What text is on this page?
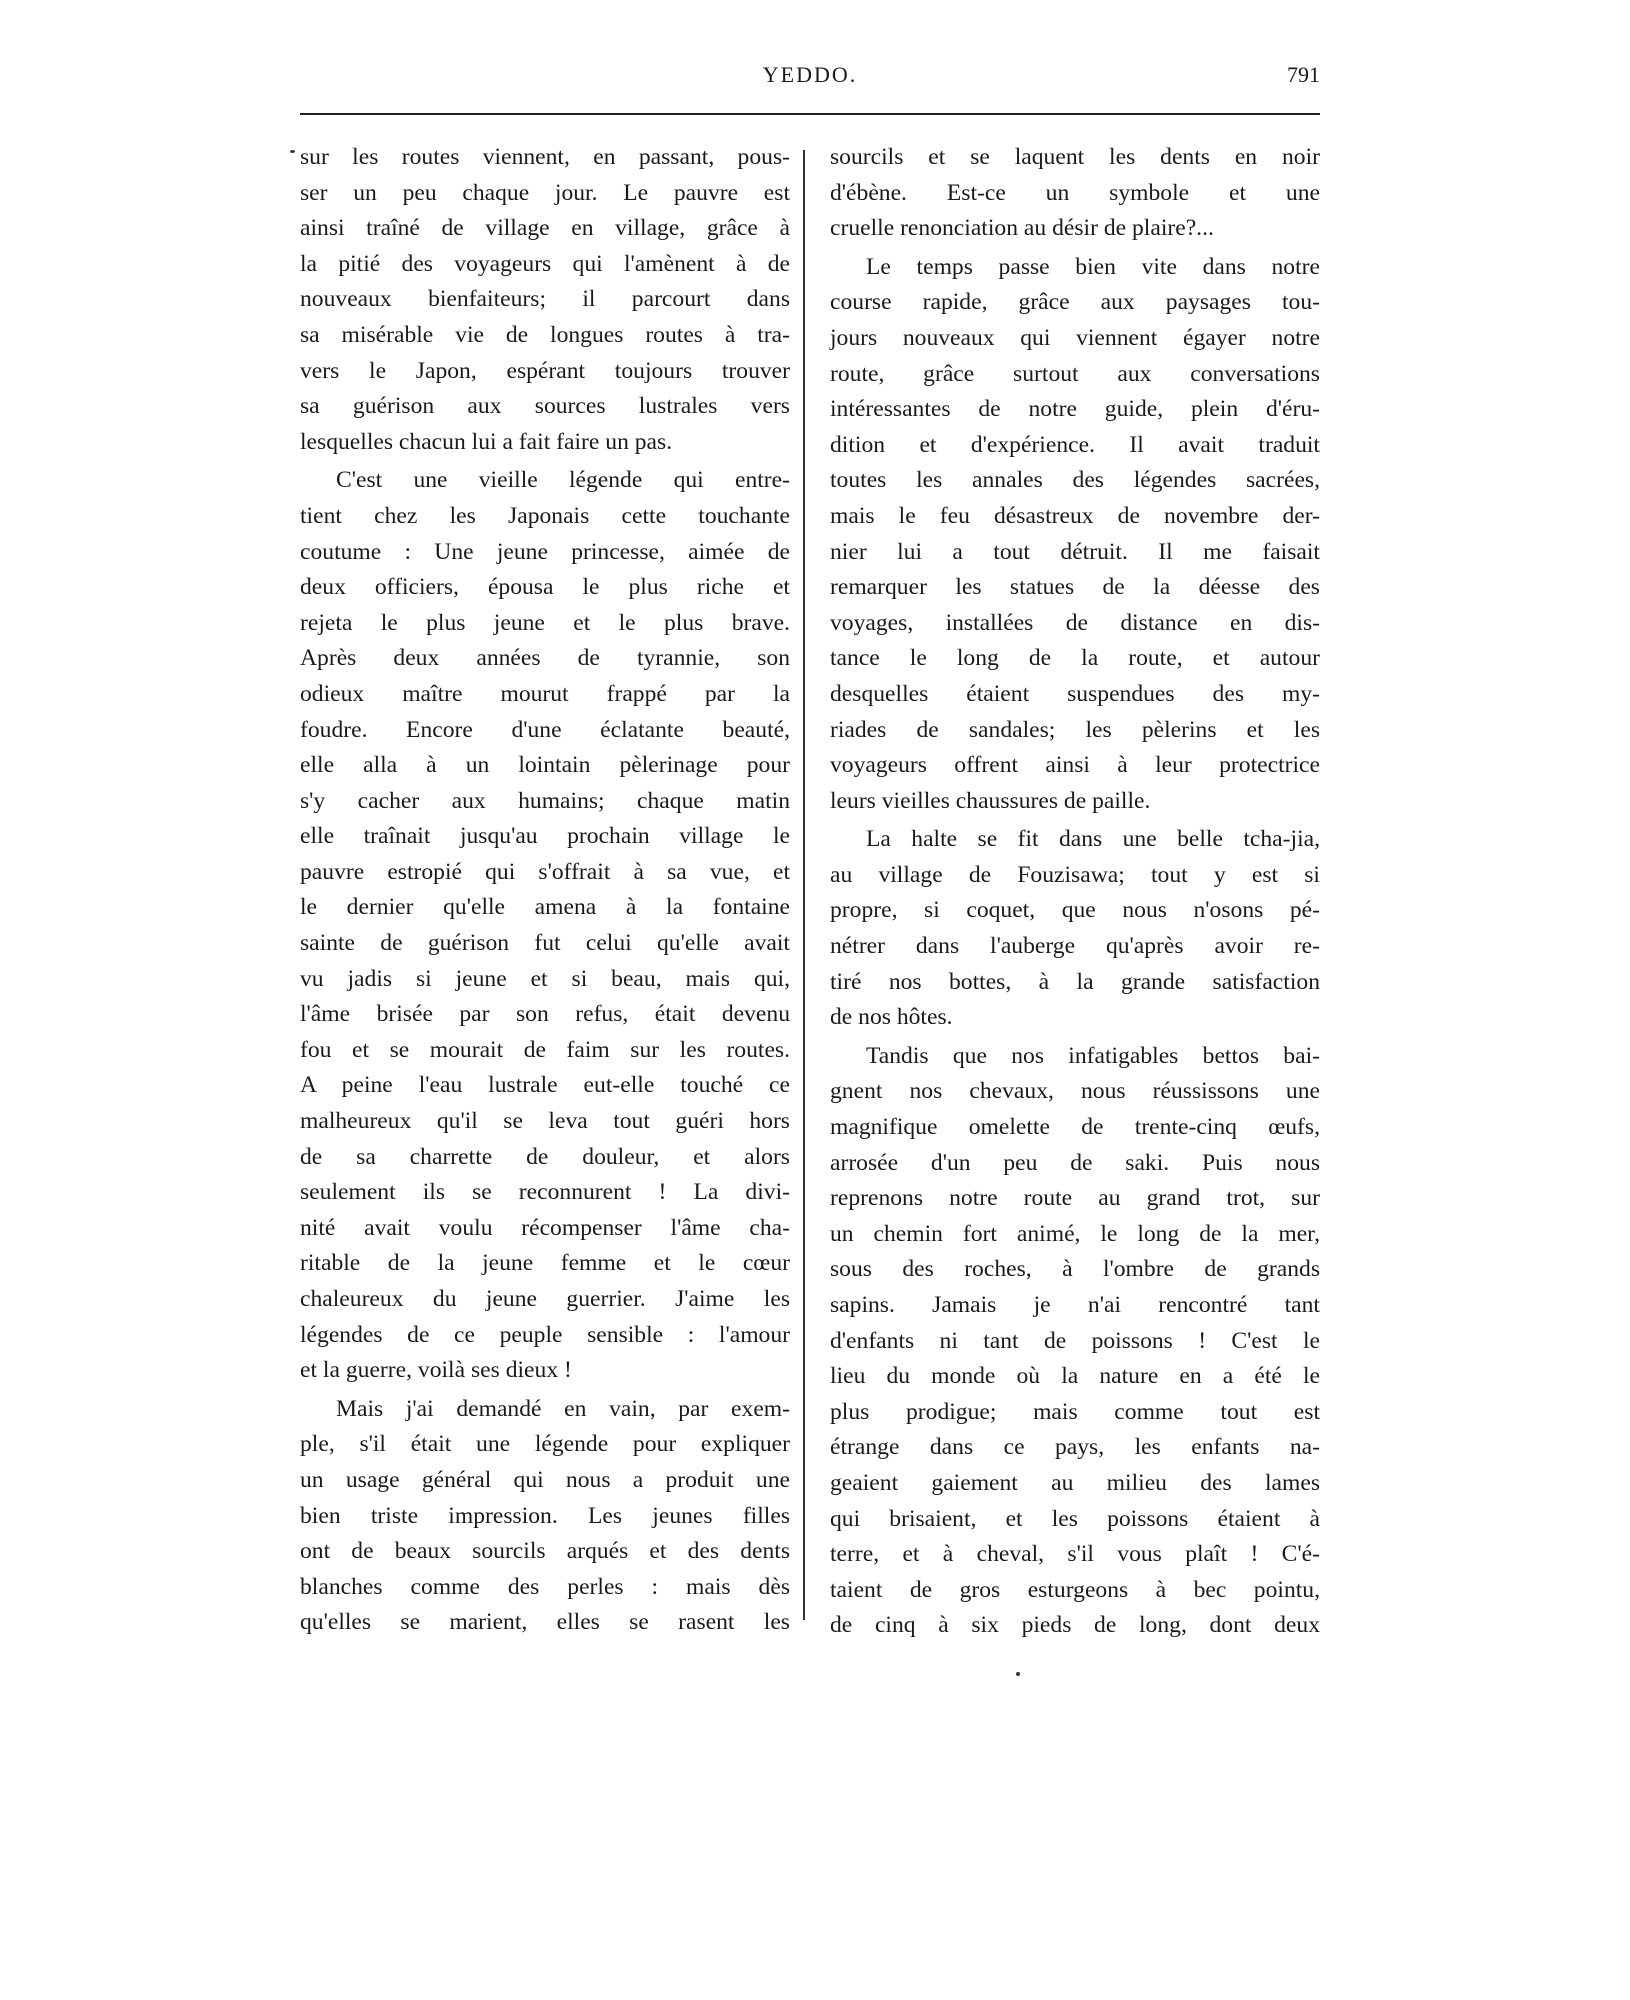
YEDDO.	791
sur les routes viennent, en passant, pous-
ser un peu chaque jour. Le pauvre est
ainsi traîné de village en village, grâce à
la pitié des voyageurs qui l'amènent à de
nouveaux bienfaiteurs; il parcourt dans
sa misérable vie de longues routes à tra-
vers le Japon, espérant toujours trouver
sa guérison aux sources lustrales vers
lesquelles chacun lui a fait faire un pas.
C'est une vieille légende qui entre-
tient chez les Japonais cette touchante
coutume : Une jeune princesse, aimée de
deux officiers, épousa le plus riche et
rejeta le plus jeune et le plus brave.
Après deux années de tyrannie, son
odieux maître mourut frappé par la
foudre. Encore d'une éclatante beauté,
elle alla à un lointain pèlerinage pour
s'y cacher aux humains; chaque matin
elle traînait jusqu'au prochain village le
pauvre estropié qui s'offrait à sa vue, et
le dernier qu'elle amena à la fontaine
sainte de guérison fut celui qu'elle avait
vu jadis si jeune et si beau, mais qui,
l'âme brisée par son refus, était devenu
fou et se mourait de faim sur les routes.
A peine l'eau lustrale eut-elle touché ce
malheureux qu'il se leva tout guéri hors
de sa charrette de douleur, et alors
seulement ils se reconnurent ! La divi-
nité avait voulu récompenser l'âme cha-
ritable de la jeune femme et le cœur
chaleureux du jeune guerrier. J'aime les
légendes de ce peuple sensible : l'amour
et la guerre, voilà ses dieux !
Mais j'ai demandé en vain, par exem-
ple, s'il était une légende pour expliquer
un usage général qui nous a produit une
bien triste impression. Les jeunes filles
ont de beaux sourcils arqués et des dents
blanches comme des perles : mais dès
qu'elles se marient, elles se rasent les
sourcils et se laquent les dents en noir
d'ébène. Est-ce un symbole et une
cruelle renonciation au désir de plaire?...
Le temps passe bien vite dans notre
course rapide, grâce aux paysages tou-
jours nouveaux qui viennent égayer notre
route, grâce surtout aux conversations
intéressantes de notre guide, plein d'éru-
dition et d'expérience. Il avait traduit
toutes les annales des légendes sacrées,
mais le feu désastreux de novembre der-
nier lui a tout détruit. Il me faisait
remarquer les statues de la déesse des
voyages, installées de distance en dis-
tance le long de la route, et autour
desquelles étaient suspendues des my-
riades de sandales; les pèlerins et les
voyageurs offrent ainsi à leur protectrice
leurs vieilles chaussures de paille.
La halte se fit dans une belle tcha-jia,
au village de Fouzisawa; tout y est si
propre, si coquet, que nous n'osons pé-
nétrer dans l'auberge qu'après avoir re-
tiré nos bottes, à la grande satisfaction
de nos hôtes.
Tandis que nos infatigables bettos bai-
gnent nos chevaux, nous réussissons une
magnifique omelette de trente-cinq œufs,
arrosée d'un peu de saki. Puis nous
reprenons notre route au grand trot, sur
un chemin fort animé, le long de la mer,
sous des roches, à l'ombre de grands
sapins. Jamais je n'ai rencontré tant
d'enfants ni tant de poissons ! C'est le
lieu du monde où la nature en a été le
plus prodigue; mais comme tout est
étrange dans ce pays, les enfants na-
geaient gaiement au milieu des lames
qui brisaient, et les poissons étaient à
terre, et à cheval, s'il vous plaît ! C'é-
taient de gros esturgeons à bec pointu,
de cinq à six pieds de long, dont deux
